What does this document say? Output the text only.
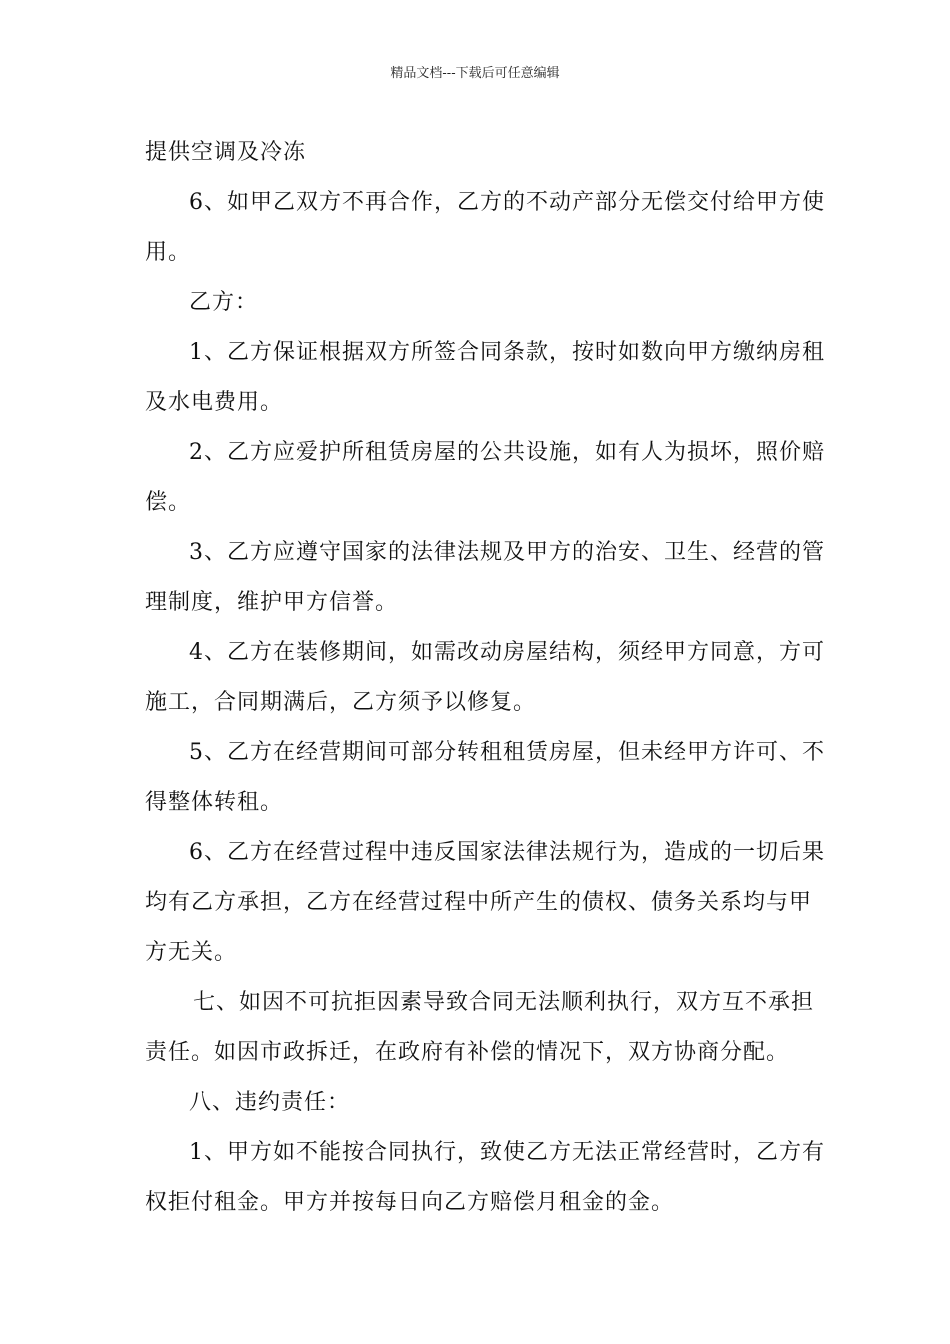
精品文档---下载后可任意编辑

提供空调及冷冻

6、如甲乙双方不再合作，乙方的不动产部分无偿交付给甲方使
用。

乙方：

1、乙方保证根据双方所签合同条款，按时如数向甲方缴纳房租
及水电费用。

2、乙方应爱护所租赁房屋的公共设施，如有人为损坏，照价赔
偿。

3、乙方应遵守国家的法律法规及甲方的治安、卫生、经营的管
理制度，维护甲方信誉。

4、乙方在装修期间，如需改动房屋结构，须经甲方同意，方可
施工，合同期满后，乙方须予以修复。

5、乙方在经营期间可部分转租租赁房屋，但未经甲方许可、不
得整体转租。

6、乙方在经营过程中违反国家法律法规行为，造成的一切后果
均有乙方承担，乙方在经营过程中所产生的债权、债务关系均与甲
方无关。

七、如因不可抗拒因素导致合同无法顺利执行，双方互不承担
责任。如因市政拆迁，在政府有补偿的情况下，双方协商分配。

八、违约责任：

1、甲方如不能按合同执行，致使乙方无法正常经营时，乙方有
权拒付租金。甲方并按每日向乙方赔偿月租金的金。
